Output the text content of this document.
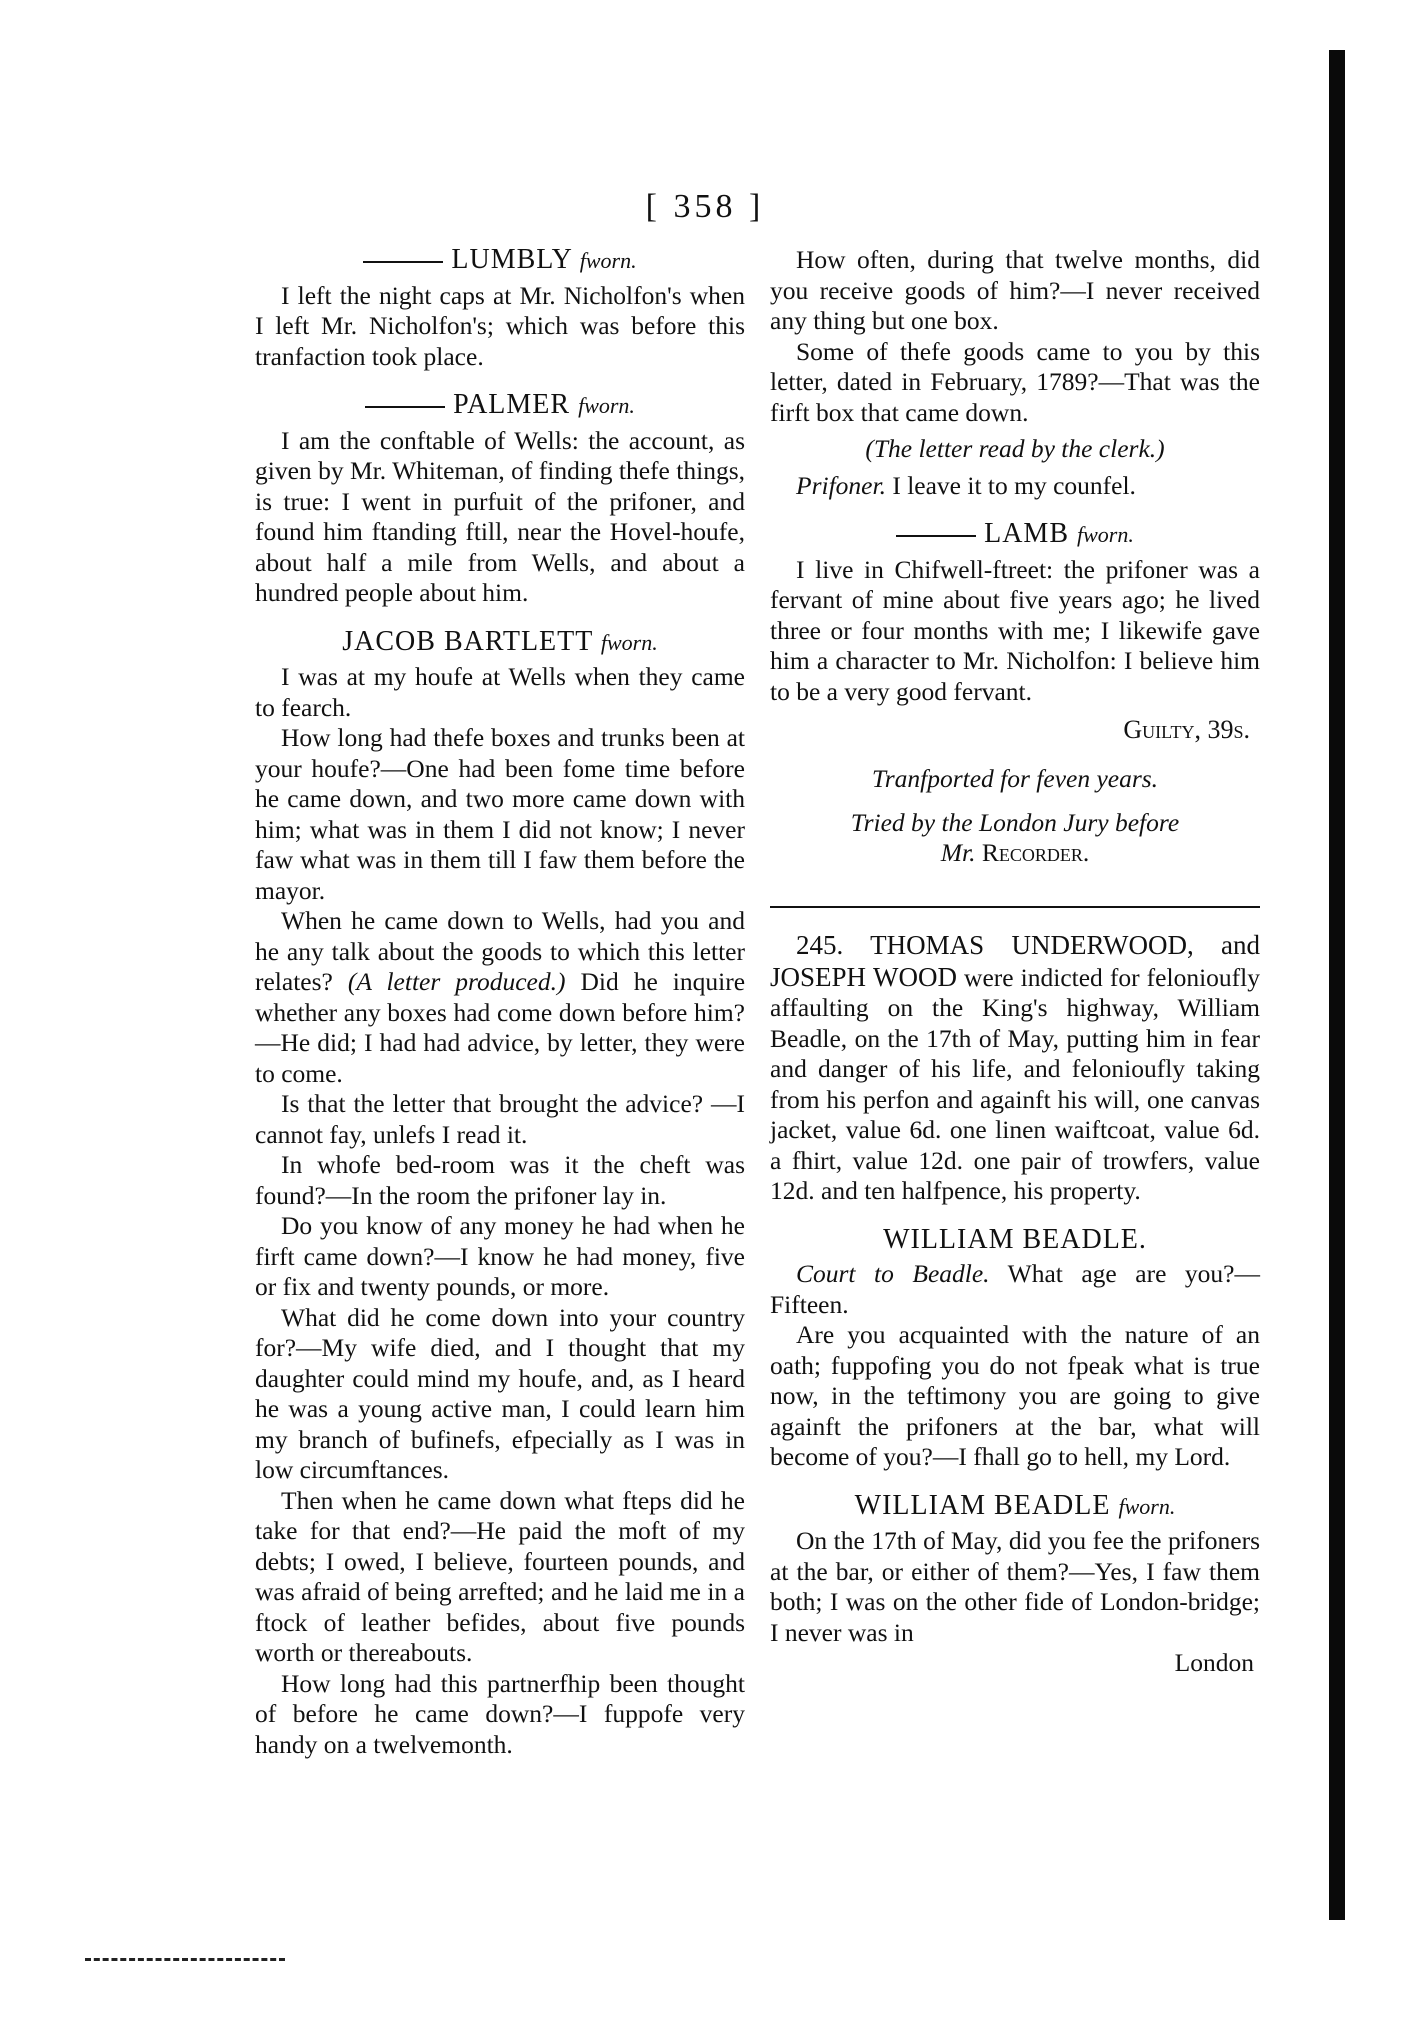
[ 358 ]
LUMBLY fworn.

I left the night caps at Mr. Nicholfon's when I left Mr. Nicholfon's; which was before this tranfaction took place.

PALMER fworn.

I am the conftable of Wells: the account, as given by Mr. Whiteman, of finding thefe things, is true: I went in purfuit of the prifoner, and found him ftanding ftill, near the Hovel-houfe, about half a mile from Wells, and about a hundred people about him.

JACOB BARTLETT fworn.

I was at my houfe at Wells when they came to fearch.

How long had thefe boxes and trunks been at your houfe?—One had been fome time before he came down, and two more came down with him; what was in them I did not know; I never faw what was in them till I faw them before the mayor.

When he came down to Wells, had you and he any talk about the goods to which this letter relates? (A letter produced.) Did he inquire whether any boxes had come down before him?—He did; I had had advice, by letter, they were to come.

Is that the letter that brought the advice? —I cannot fay, unlefs I read it.

In whofe bed-room was it the cheft was found?—In the room the prifoner lay in.

Do you know of any money he had when he firft came down?—I know he had money, five or fix and twenty pounds, or more.

What did he come down into your country for?—My wife died, and I thought that my daughter could mind my houfe, and, as I heard he was a young active man, I could learn him my branch of bufinefs, efpecially as I was in low circumftances.

Then when he came down what fteps did he take for that end?—He paid the moft of my debts; I owed, I believe, fourteen pounds, and was afraid of being arrefted; and he laid me in a ftock of leather befides, about five pounds worth or thereabouts.

How long had this partnerfhip been thought of before he came down?—I fuppofe very handy on a twelvemonth.

How often, during that twelve months, did you receive goods of him?—I never received any thing but one box.

Some of thefe goods came to you by this letter, dated in February, 1789?—That was the firft box that came down.

(The letter read by the clerk.)

Prifoner. I leave it to my counfel.

LAMB fworn.

I live in Chifwell-ftreet: the prifoner was a fervant of mine about five years ago; he lived three or four months with me; I likewife gave him a character to Mr. Nicholfon: I believe him to be a very good fervant.

Guilty, 39s.
Tranfported for feven years.
Tried by the London Jury before
Mr. Recorder.

245. THOMAS UNDERWOOD, and JOSEPH WOOD were indicted for felonioufly affaulting on the King's highway, William Beadle, on the 17th of May, putting him in fear and danger of his life, and felonioufly taking from his perfon and againft his will, one canvas jacket, value 6d. one linen waiftcoat, value 6d. a fhirt, value 12d. one pair of trowfers, value 12d. and ten halfpence, his property.

WILLIAM BEADLE.

Court to Beadle. What age are you?—Fifteen.

Are you acquainted with the nature of an oath; fuppofing you do not fpeak what is true now, in the teftimony you are going to give againft the prifoners at the bar, what will become of you?—I fhall go to hell, my Lord.

WILLIAM BEADLE fworn.

On the 17th of May, did you fee the prifoners at the bar, or either of them?—Yes, I faw them both; I was on the other fide of London-bridge; I never was in

London
